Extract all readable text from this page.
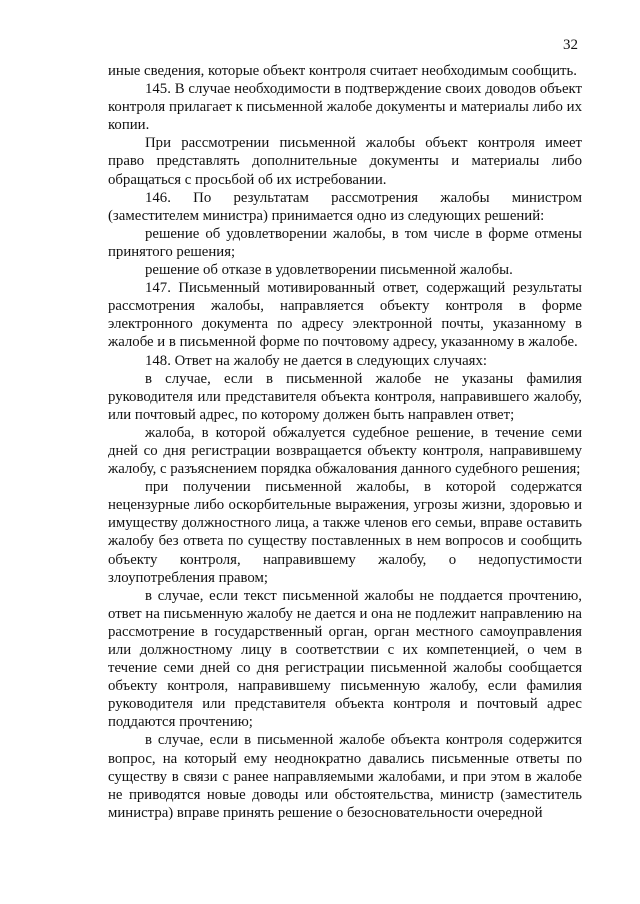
32

иные сведения, которые объект контроля считает необходимым сообщить.

145. В случае необходимости в подтверждение своих доводов объект контроля прилагает к письменной жалобе документы и материалы либо их копии.

При рассмотрении письменной жалобы объект контроля имеет право представлять дополнительные документы и материалы либо обращаться с просьбой об их истребовании.

146. По результатам рассмотрения жалобы министром (заместителем министра) принимается одно из следующих решений:

решение об удовлетворении жалобы, в том числе в форме отмены принятого решения;

решение об отказе в удовлетворении письменной жалобы.

147. Письменный мотивированный ответ, содержащий результаты рассмотрения жалобы, направляется объекту контроля в форме электронного документа по адресу электронной почты, указанному в жалобе и в письменной форме по почтовому адресу, указанному в жалобе.

148. Ответ на жалобу не дается в следующих случаях:

в случае, если в письменной жалобе не указаны фамилия руководителя или представителя объекта контроля, направившего жалобу, или почтовый адрес, по которому должен быть направлен ответ;

жалоба, в которой обжалуется судебное решение, в течение семи дней со дня регистрации возвращается объекту контроля, направившему жалобу, с разъяснением порядка обжалования данного судебного решения;

при получении письменной жалобы, в которой содержатся нецензурные либо оскорбительные выражения, угрозы жизни, здоровью и имуществу должностного лица, а также членов его семьи, вправе оставить жалобу без ответа по существу поставленных в нем вопросов и сообщить объекту контроля, направившему жалобу, о недопустимости злоупотребления правом;

в случае, если текст письменной жалобы не поддается прочтению, ответ на письменную жалобу не дается и она не подлежит направлению на рассмотрение в государственный орган, орган местного самоуправления или должностному лицу в соответствии с их компетенцией, о чем в течение семи дней со дня регистрации письменной жалобы сообщается объекту контроля, направившему письменную жалобу, если фамилия руководителя или представителя объекта контроля и почтовый адрес поддаются прочтению;

в случае, если в письменной жалобе объекта контроля содержится вопрос, на который ему неоднократно давались письменные ответы по существу в связи с ранее направляемыми жалобами, и при этом в жалобе не приводятся новые доводы или обстоятельства, министр (заместитель министра) вправе принять решение о безосновательности очередной
